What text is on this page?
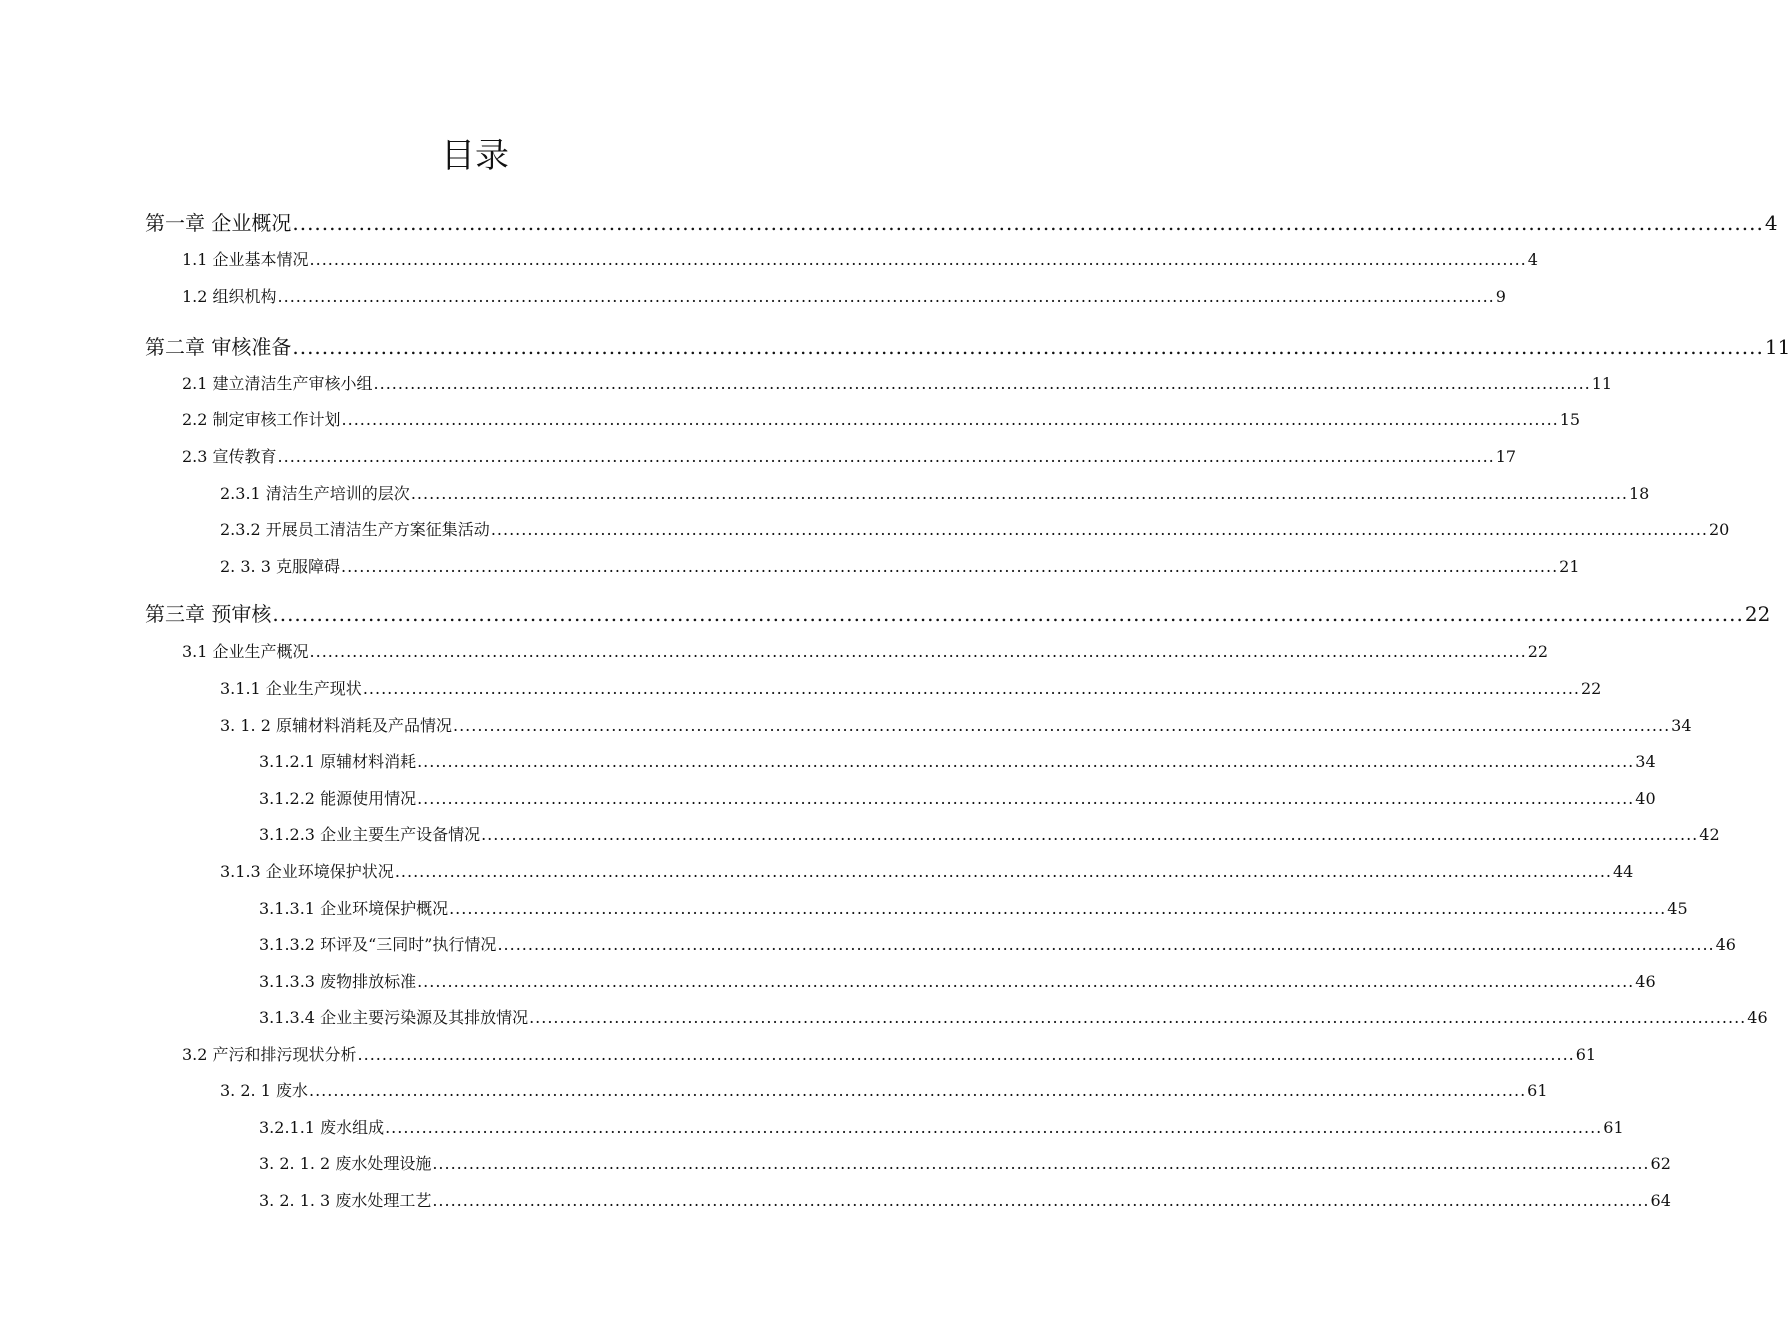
目录
第一章 企业概况 ........................................................................................................................................................................................................ 4
1.1 企业基本情况 ........................................................................................................................................................................................................ 4
1.2 组织机构 ........................................................................................................................................................................................................ 9
第二章 审核准备 ........................................................................................................................................................................................................ 11
2.1 建立清洁生产审核小组 ........................................................................................................................................................................................................ 11
2.2 制定审核工作计划 ........................................................................................................................................................................................................ 15
2.3 宣传教育 ........................................................................................................................................................................................................ 17
2.3.1 清洁生产培训的层次 ........................................................................................................................................................................................................ 18
2.3.2 开展员工清洁生产方案征集活动 ........................................................................................................................................................................................................ 20
2. 3. 3 克服障碍 ........................................................................................................................................................................................................ 21
第三章 预审核 ........................................................................................................................................................................................................ 22
3.1 企业生产概况 ........................................................................................................................................................................................................ 22
3.1.1 企业生产现状 ........................................................................................................................................................................................................ 22
3. 1. 2 原辅材料消耗及产品情况 ........................................................................................................................................................................................................ 34
3.1.2.1 原辅材料消耗 ........................................................................................................................................................................................................ 34
3.1.2.2 能源使用情况 ........................................................................................................................................................................................................ 40
3.1.2.3 企业主要生产设备情况 ........................................................................................................................................................................................................ 42
3.1.3 企业环境保护状况 ........................................................................................................................................................................................................ 44
3.1.3.1 企业环境保护概况 ........................................................................................................................................................................................................ 45
3.1.3.2 环评及“三同时”执行情况 ........................................................................................................................................................................................................ 46
3.1.3.3 废物排放标准 ........................................................................................................................................................................................................ 46
3.1.3.4 企业主要污染源及其排放情况 ........................................................................................................................................................................................................ 46
3.2 产污和排污现状分析 ........................................................................................................................................................................................................ 61
3. 2. 1 废水 ........................................................................................................................................................................................................ 61
3.2.1.1 废水组成 ........................................................................................................................................................................................................ 61
3. 2. 1. 2 废水处理设施 ........................................................................................................................................................................................................ 62
3. 2. 1. 3 废水处理工艺 ........................................................................................................................................................................................................ 64
